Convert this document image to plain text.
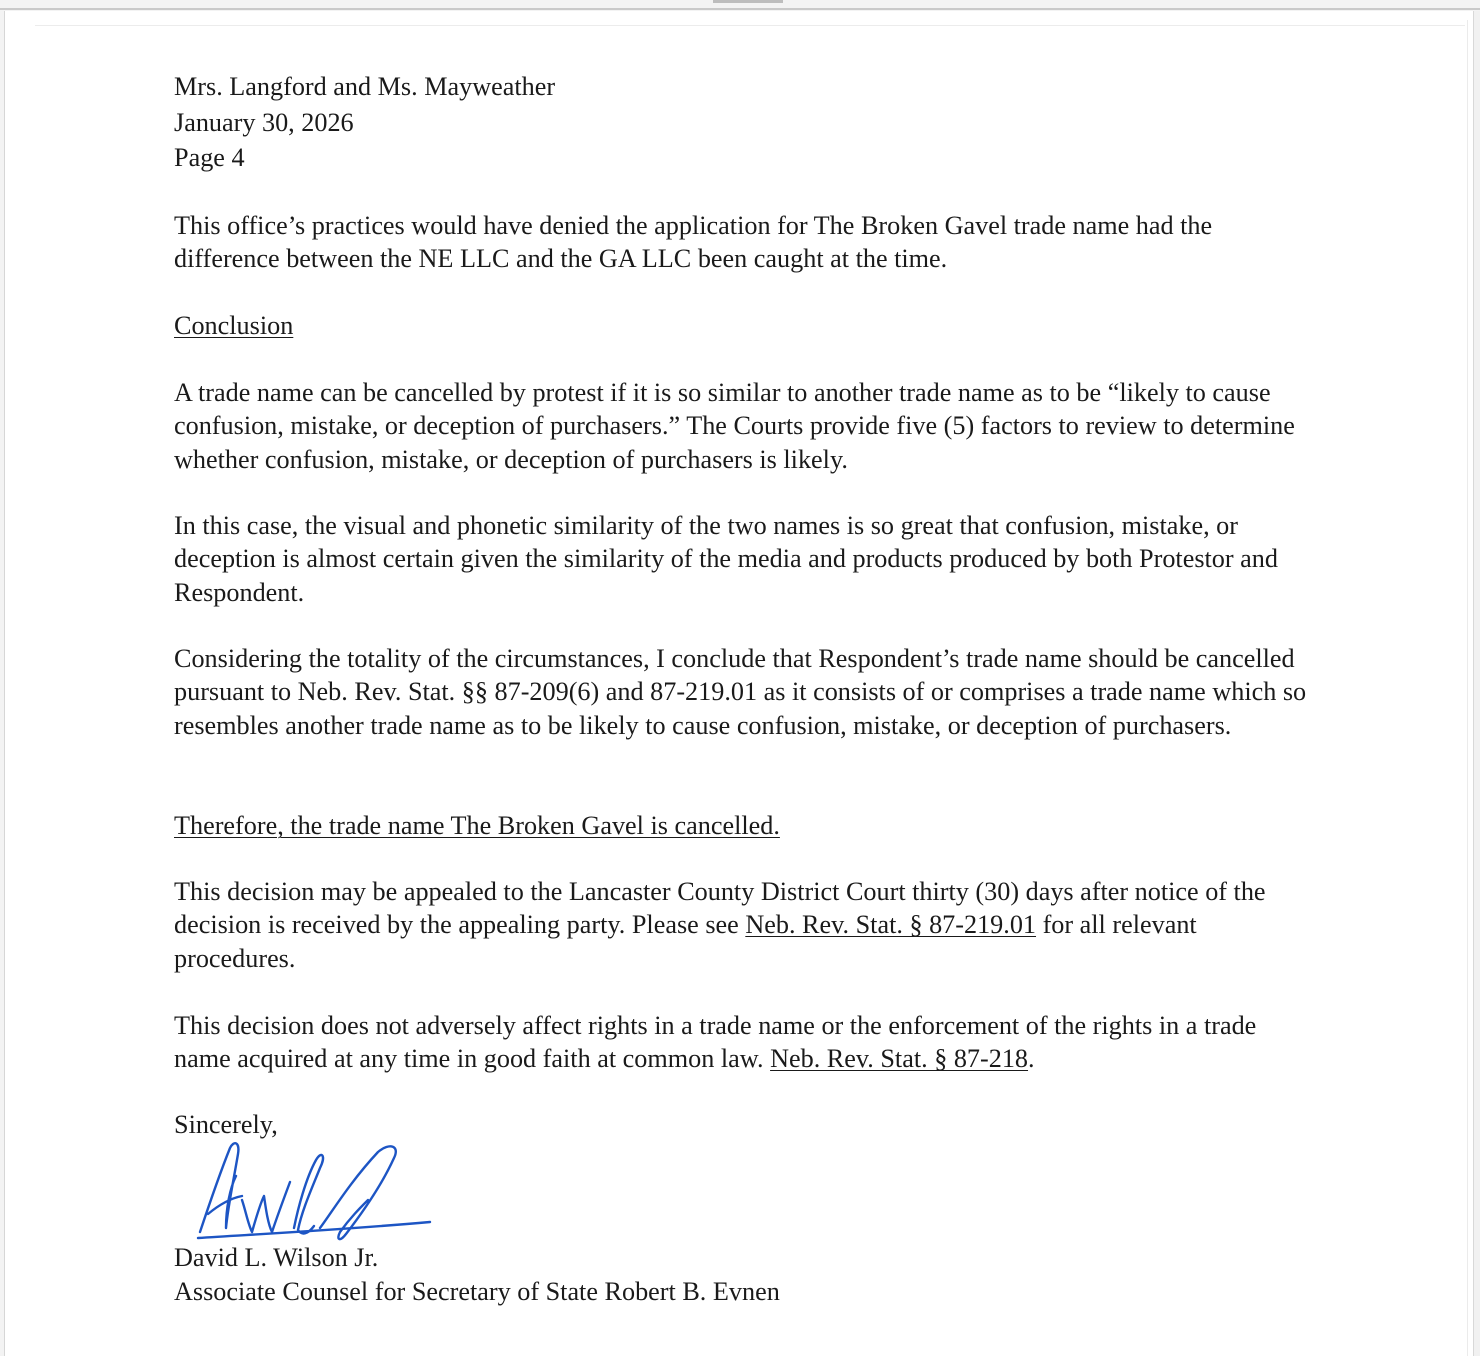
Mrs. Langford and Ms. Mayweather
January 30, 2026
Page 4

This office’s practices would have denied the application for The Broken Gavel trade name had the difference between the NE LLC and the GA LLC been caught at the time.

Conclusion

A trade name can be cancelled by protest if it is so similar to another trade name as to be “likely to cause confusion, mistake, or deception of purchasers.” The Courts provide five (5) factors to review to determine whether confusion, mistake, or deception of purchasers is likely.

In this case, the visual and phonetic similarity of the two names is so great that confusion, mistake, or deception is almost certain given the similarity of the media and products produced by both Protestor and Respondent.

Considering the totality of the circumstances, I conclude that Respondent’s trade name should be cancelled pursuant to Neb. Rev. Stat. §§ 87-209(6) and 87-219.01 as it consists of or comprises a trade name which so resembles another trade name as to be likely to cause confusion, mistake, or deception of purchasers.

Therefore, the trade name The Broken Gavel is cancelled.

This decision may be appealed to the Lancaster County District Court thirty (30) days after notice of the decision is received by the appealing party. Please see Neb. Rev. Stat. § 87-219.01 for all relevant procedures.

This decision does not adversely affect rights in a trade name or the enforcement of the rights in a trade name acquired at any time in good faith at common law. Neb. Rev. Stat. § 87-218.

Sincerely,

David L. Wilson Jr.

Associate Counsel for Secretary of State Robert B. Evnen
